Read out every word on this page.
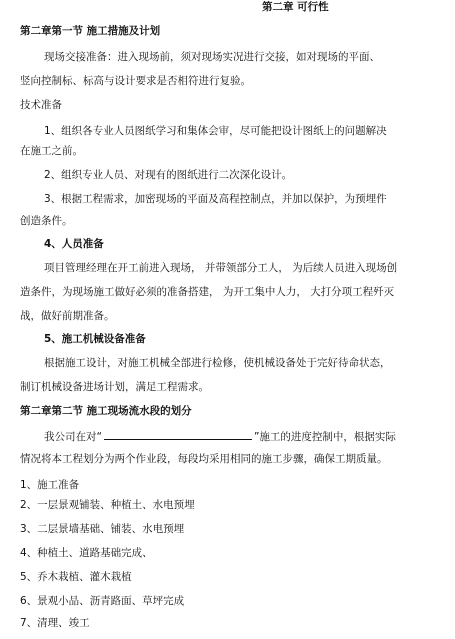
第二章 可行性
第二章第一节 施工措施及计划
现场交接准备：进入现场前，须对现场实况进行交接，如对现场的平面、
竖向控制标、标高与设计要求是否相符进行复验。
技术准备
1、组织各专业人员图纸学习和集体会审，尽可能把设计图纸上的问题解决
在施工之前。
2、组织专业人员、对现有的图纸进行二次深化设计。
3、根据工程需求，加密现场的平面及高程控制点，并加以保护，为预埋件
创造条件。
4、人员准备
项目管理经理在开工前进入现场， 并带领部分工人， 为后续人员进入现场创
造条件，为现场施工做好必须的准备搭建， 为开工集中人力， 大打分项工程歼灭
战，做好前期准备。
5、施工机械设备准备
根据施工设计，对施工机械全部进行检修，使机械设备处于完好待命状态，
制订机械设备进场计划，满足工程需求。
第二章第二节 施工现场流水段的划分
我公司在对“	”施工的进度控制中，根据实际
情况将本工程划分为两个作业段，每段均采用相同的施工步骤，确保工期质量。
1、施工准备
2、一层景观铺装、种植土、水电预埋
3、二层景墙基础、铺装、水电预埋
4、种植土、道路基础完成、
5、乔木栽植、灌木栽植
6、景观小品、沥青路面、草坪完成
7、清理、竣工
